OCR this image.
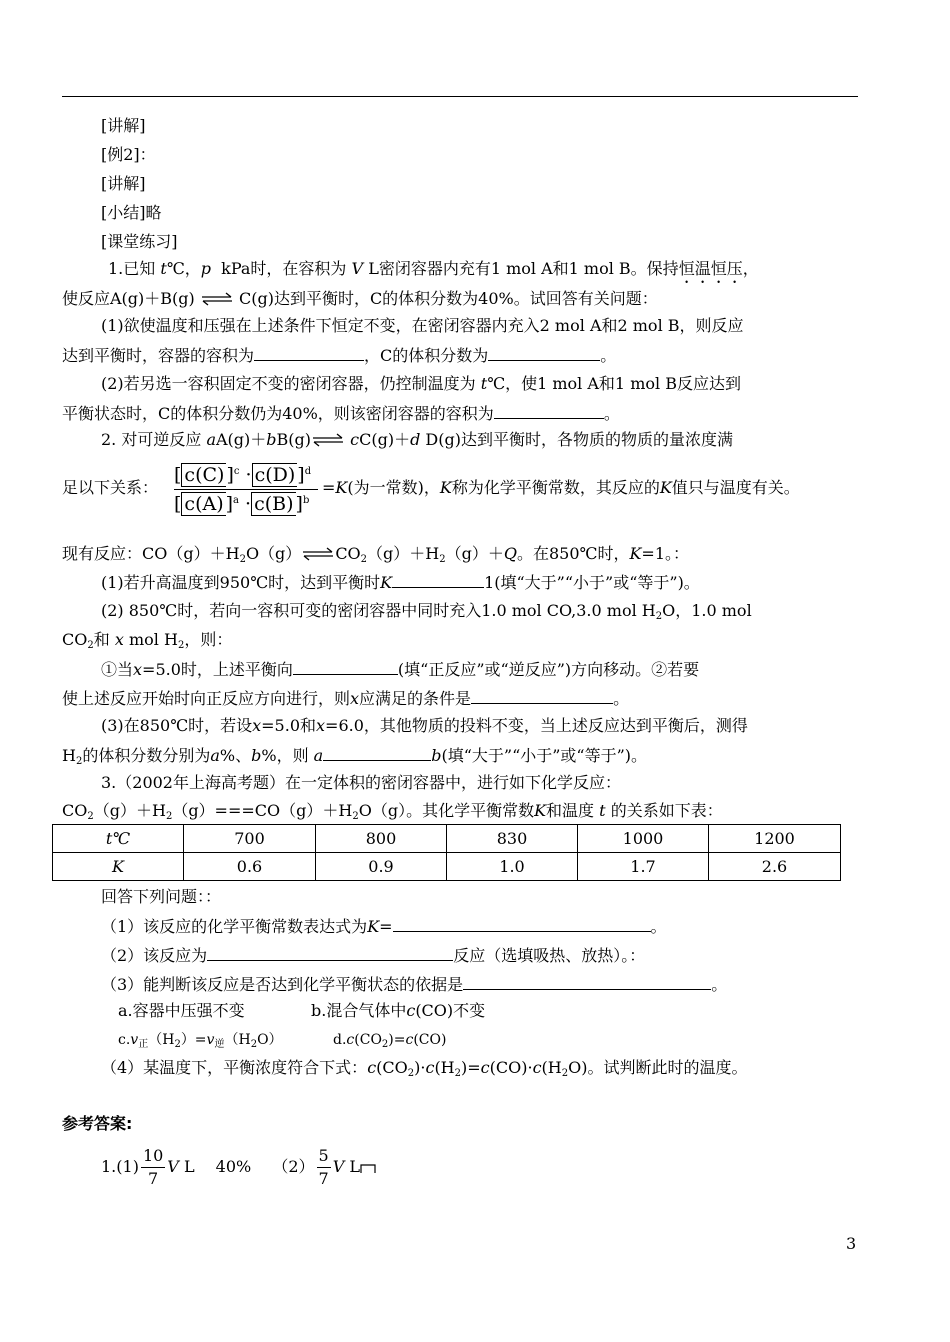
[讲解]
[例2]：
[讲解]
[小结]略
[课堂练习]
1.已知 t℃，p kPa时，在容积为 V L密闭容器内充有1 mol A和1 mol B。保持恒温恒压，
使反应A(g)＋B(g) ⇌ C(g)达到平衡时，C的体积分数为40%。试回答有关问题：
(1)欲使温度和压强在上述条件下恒定不变，在密闭容器内充入2 mol A和2 mol B，则反应
达到平衡时，容器的容积为	，C的体积分数为	。
(2)若另选一容积固定不变的密闭容器，仍控制温度为 t℃，使1 mol A和1 mol B反应达到
平衡状态时，C的体积分数仍为40%，则该密闭容器的容积为	。
2. 对可逆反应 aA(g)＋bB(g)⇌ cC(g)＋d D(g)达到平衡时，各物质的物质的量浓度满
足以下关系：
[ c(C) ]$^c$ · c(D) ]$^d$
[ c(A) ]$^a$ · c(B) ]$^b$
=K(为一常数)，K称为化学平衡常数，其反应的K值只与温度有关。
现有反应：$CO(g)+H_2O(g)\rightleftharpoons CO_2(g)+H_2(g)+Q$。在850℃时，K=1。：
(1)若升高温度到950℃时，达到平衡时K	1(填“大于”“小于”或“等于”)。
(2) 850℃时，若向一容积可变的密闭容器中同时充入1.0 mol CO,3.0 mol $H_2O$，1.0 mol
$CO_2$和 x mol $H_2$，则：
①当x=5.0时，上述平衡向	(填“正反应”或“逆反应”)方向移动。②若要
使上述反应开始时向正反应方向进行，则x应满足的条件是	。
(3)在850℃时，若设x=5.0和x=6.0，其他物质的投料不变，当上述反应达到平衡后，测得
$H_2$的体积分数分别为a%、b%，则 a	b(填“大于”“小于”或“等于”)。
3.（2002年上海高考题）在一定体积的密闭容器中，进行如下化学反应：
$CO_2(g)+H_2(g)===CO(g)+H_2O(g)$。其化学平衡常数K和温度 t 的关系如下表：
t℃	700	800	830	1000	1200
K	0.6	0.9	1.0	1.7	2.6
回答下列问题：：
（1）该反应的化学平衡常数表达式为K=	。
（2）该反应为	反应（选填吸热、放热）。：
（3）能判断该反应是否达到化学平衡状态的依据是	。
a.容器中压强不变	b.混合气体中c(CO)不变
$c.v_正(H_2)=v_逆(H_2O)$	$d.c(CO_2)=c(CO)$
（4）某温度下，平衡浓度符合下式：$c(CO_2)\cdot c(H_2)=c(CO)\cdot c(H_2O)$。试判断此时的温度。
参考答案:
$1.(1) \frac{10}{7}$ V L　 40%　 $(2) \frac{5}{7}$ V L
3
